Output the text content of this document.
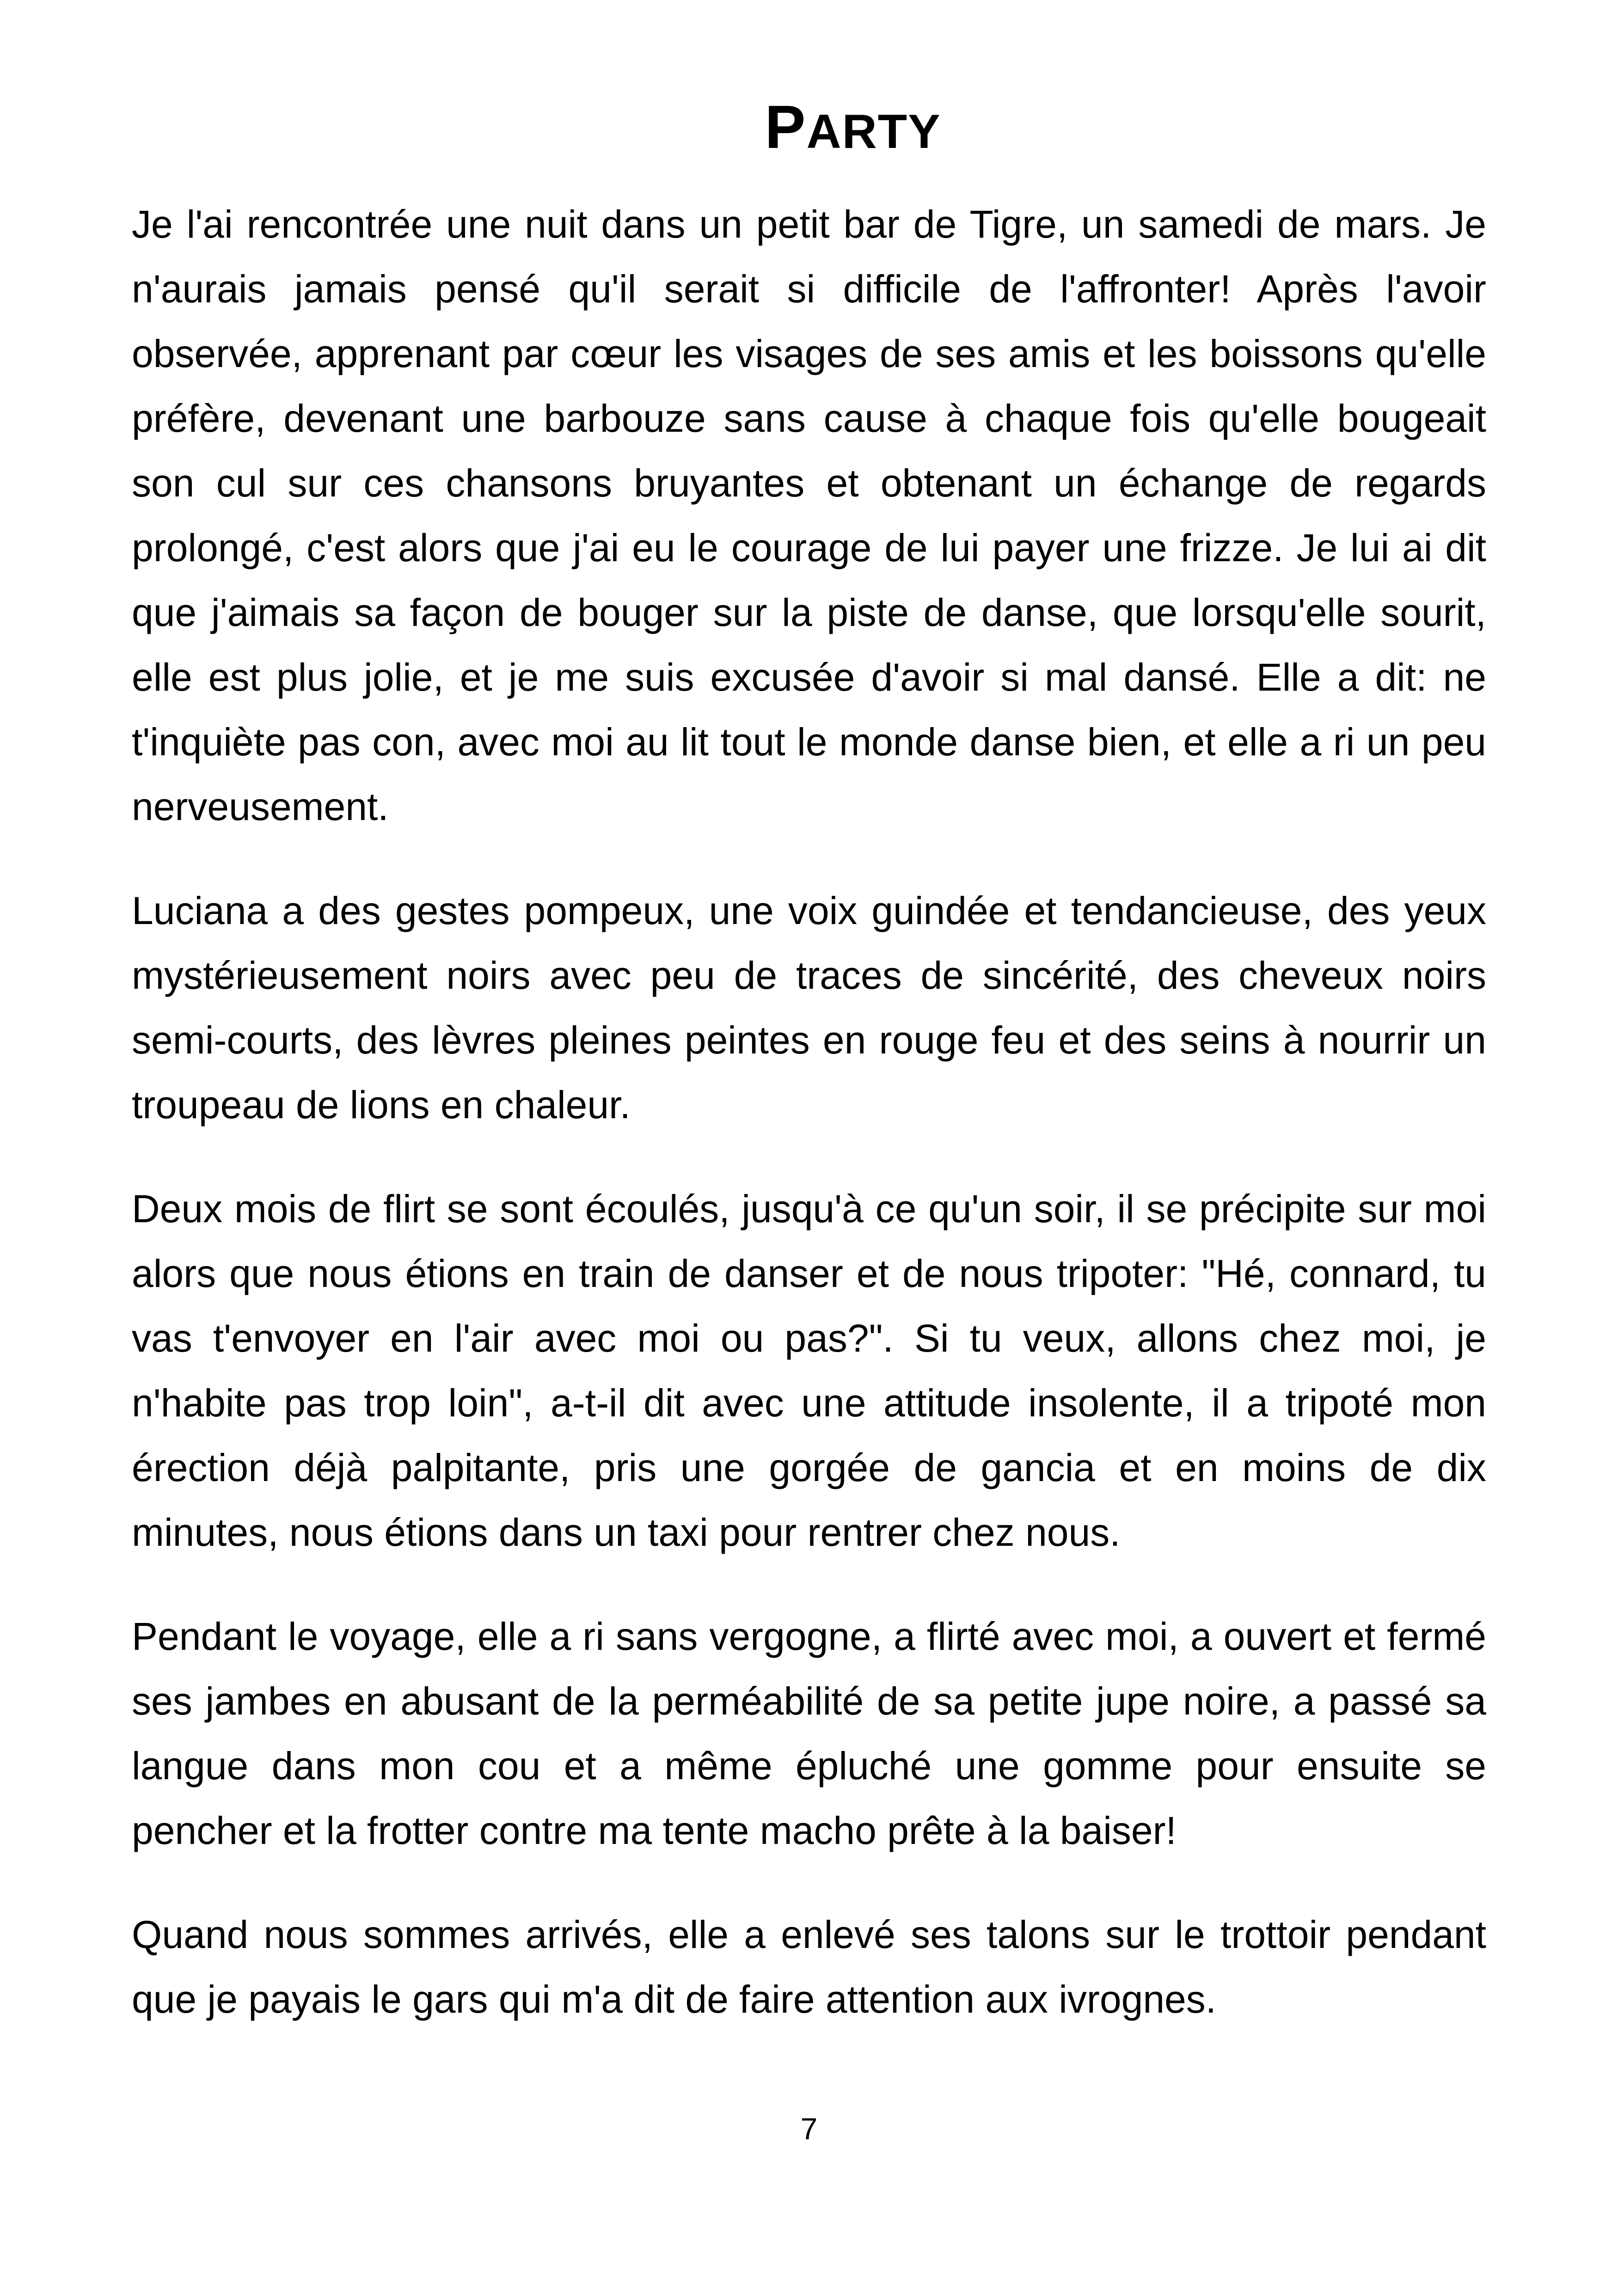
PARTY

Je l'ai rencontrée une nuit dans un petit bar de Tigre, un samedi de mars. Je n'aurais jamais pensé qu'il serait si difficile de l'affronter! Après l'avoir observée, apprenant par cœur les visages de ses amis et les boissons qu'elle préfère, devenant une barbouze sans cause à chaque fois qu'elle bougeait son cul sur ces chansons bruyantes et obtenant un échange de regards prolongé, c'est alors que j'ai eu le courage de lui payer une frizze. Je lui ai dit que j'aimais sa façon de bouger sur la piste de danse, que lorsqu'elle sourit, elle est plus jolie, et je me suis excusée d'avoir si mal dansé. Elle a dit: ne t'inquiète pas con, avec moi au lit tout le monde danse bien, et elle a ri un peu nerveusement.

Luciana a des gestes pompeux, une voix guindée et tendancieuse, des yeux mystérieusement noirs avec peu de traces de sincérité, des cheveux noirs semi-courts, des lèvres pleines peintes en rouge feu et des seins à nourrir un troupeau de lions en chaleur.

Deux mois de flirt se sont écoulés, jusqu'à ce qu'un soir, il se précipite sur moi alors que nous étions en train de danser et de nous tripoter: "Hé, connard, tu vas t'envoyer en l'air avec moi ou pas?". Si tu veux, allons chez moi, je n'habite pas trop loin", a-t-il dit avec une attitude insolente, il a tripoté mon érection déjà palpitante, pris une gorgée de gancia et en moins de dix minutes, nous étions dans un taxi pour rentrer chez nous.

Pendant le voyage, elle a ri sans vergogne, a flirté avec moi, a ouvert et fermé ses jambes en abusant de la perméabilité de sa petite jupe noire, a passé sa langue dans mon cou et a même épluché une gomme pour ensuite se pencher et la frotter contre ma tente macho prête à la baiser!

Quand nous sommes arrivés, elle a enlevé ses talons sur le trottoir pendant que je payais le gars qui m'a dit de faire attention aux ivrognes.

7
